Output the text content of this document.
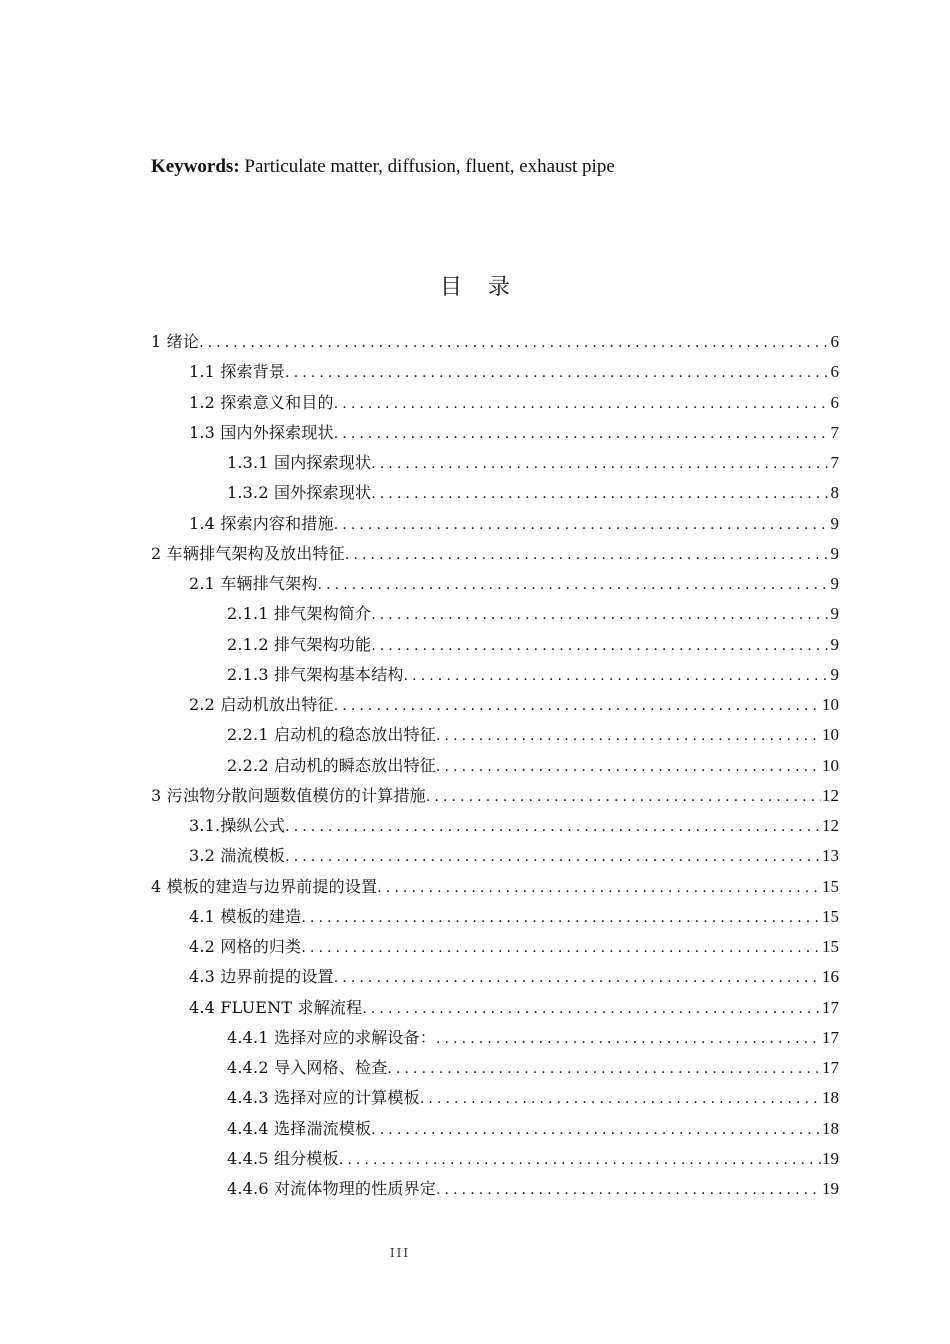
Keywords: Particulate matter, diffusion, fluent, exhaust pipe
目录
1 绪论 .....	6
1.1 探索背景 .....	6
1.2 探索意义和目的 .....	6
1.3 国内外探索现状 .....	7
1.3.1 国内探索现状 .....	7
1.3.2 国外探索现状 .....	8
1.4 探索内容和措施 .....	9
2 车辆排气架构及放出特征 .....	9
2.1 车辆排气架构 .....	9
2.1.1 排气架构简介 .....	9
2.1.2 排气架构功能 .....	9
2.1.3 排气架构基本结构 .....	9
2.2 启动机放出特征 .....	10
2.2.1 启动机的稳态放出特征 .....	10
2.2.2 启动机的瞬态放出特征 .....	10
3 污浊物分散问题数值模仿的计算措施 .....	12
3.1.操纵公式 .....	12
3.2 湍流模板 .....	13
4 模板的建造与边界前提的设置 .....	15
4.1 模板的建造 .....	15
4.2 网格的归类 .....	15
4.3 边界前提的设置 .....	16
4.4 FLUENT 求解流程 .....	17
4.4.1 选择对应的求解设备： .....	17
4.4.2 导入网格、检查 .....	17
4.4.3 选择对应的计算模板 .....	18
4.4.4 选择湍流模板 .....	18
4.4.5 组分模板 .....	19
4.4.6 对流体物理的性质界定 .....	19
III
